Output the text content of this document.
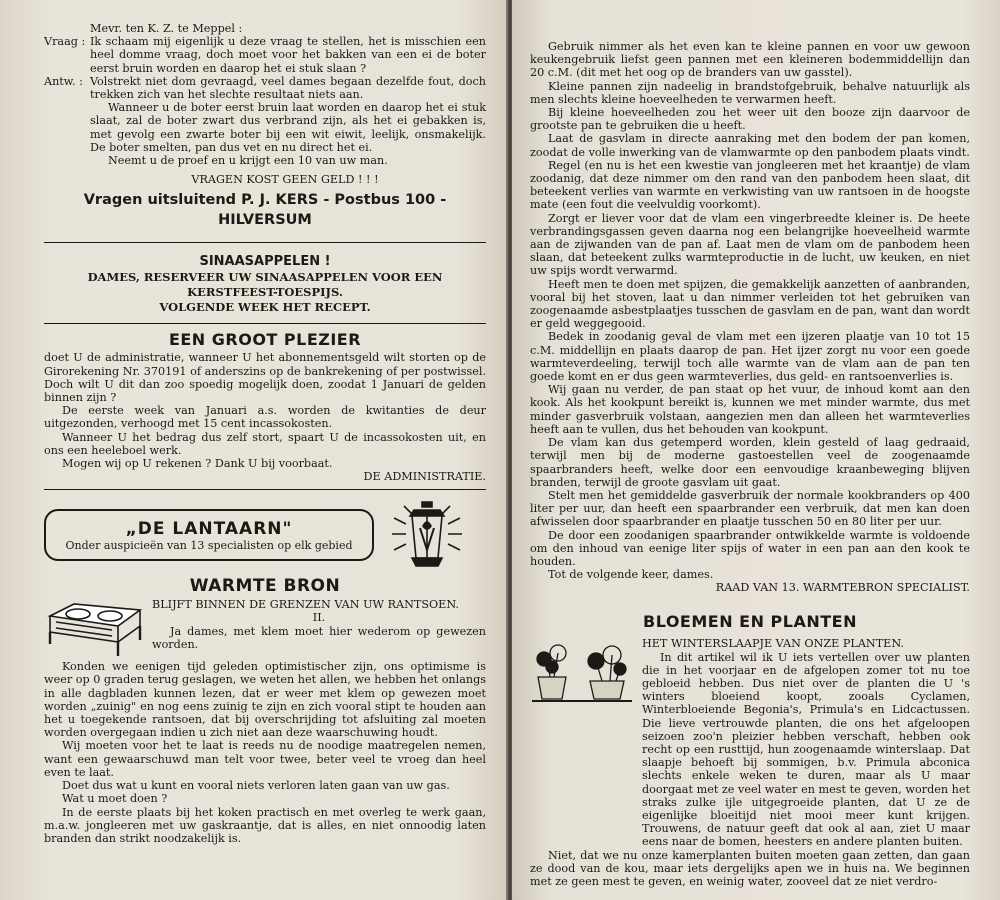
Mevr. ten K. Z. te Meppel :

Vraag : Ik schaam mij eigenlijk u deze vraag te stellen, het is misschien een heel domme vraag, doch moet voor het bakken van een ei de boter eerst bruin worden en daarop het ei stuk slaan ?
Antw. : Volstrekt niet dom gevraagd, veel dames begaan dezelfde fout, doch trekken zich van het slechte resultaat niets aan.

Wanneer u de boter eerst bruin laat worden en daarop het ei stuk slaat, zal de boter zwart dus verbrand zijn, als het ei gebakken is, met gevolg een zwarte boter bij een wit eiwit, leelijk, onsmakelijk. De boter smelten, pan dus vet en nu direct het ei.

Neemt u de proef en u krijgt een 10 van uw man.

VRAGEN KOST GEEN GELD ! ! !

Vragen uitsluitend P. J. KERS - Postbus 100 - HILVERSUM

SINAASAPPELEN !
DAMES, RESERVEER UW SINAASAPPELEN VOOR EEN
KERSTFEEST-TOESPIJS.
VOLGENDE WEEK HET RECEPT.
EEN GROOT PLEZIER

doet U de administratie, wanneer U het abonnementsgeld wilt storten op de Girorekening Nr. 370191 of anderszins op de bankrekening of per postwissel. Doch wilt U dit dan zoo spoedig mogelijk doen, zoodat 1 Januari de gelden binnen zijn ?

De eerste week van Januari a.s. worden de kwitanties de deur uitgezonden, verhoogd met 15 cent incassokosten.

Wanneer U het bedrag dus zelf stort, spaart U de incassokosten uit, en ons een heeleboel werk.

Mogen wij op U rekenen ? Dank U bij voorbaat.

DE ADMINISTRATIE.
„DE LANTAARN"
Onder auspicieën van 13 specialisten op elk gebied
WARMTE BRON

BLIJFT BINNEN DE GRENZEN VAN UW RANTSOEN.

II.

Ja dames, met klem moet hier wederom op gewezen worden.

Konden we eenigen tijd geleden optimistischer zijn, ons optimisme is weer op 0 graden terug geslagen, we weten het allen, we hebben het onlangs in alle dagbladen kunnen lezen, dat er weer met klem op gewezen moet worden „zuinig" en nog eens zuinig te zijn en zich vooral stipt te houden aan het u toegekende rantsoen, dat bij overschrijding tot afsluiting zal moeten worden overgegaan indien u zich niet aan deze waarschuwing houdt.

Wij moeten voor het te laat is reeds nu de noodige maatregelen nemen, want een gewaarschuwd man telt voor twee, beter veel te vroeg dan heel even te laat.

Doet dus wat u kunt en vooral niets verloren laten gaan van uw gas.

Wat u moet doen ?

In de eerste plaats bij het koken practisch en met overleg te werk gaan, m.a.w. jongleeren met uw gaskraantje, dat is alles, en niet onnoodig laten branden dan strikt noodzakelijk is.

Gebruik nimmer als het even kan te kleine pannen en voor uw gewoon keukengebruik liefst geen pannen met een kleineren bodemmiddellijn dan 20 c.M. (dit met het oog op de branders van uw gasstel).

Kleine pannen zijn nadeelig in brandstofgebruik, behalve natuurlijk als men slechts kleine hoeveelheden te verwarmen heeft.

Bij kleine hoeveelheden zou het weer uit den booze zijn daarvoor de grootste pan te gebruiken die u heeft.

Laat de gasvlam in directe aanraking met den bodem der pan komen, zoodat de volle inwerking van de vlamwarmte op den panbodem plaats vindt.

Regel (en nu is het een kwestie van jongleeren met het kraantje) de vlam zoodanig, dat deze nimmer om den rand van den panbodem heen slaat, dit beteekent verlies van warmte en verkwisting van uw rantsoen in de hoogste mate (een fout die veelvuldig voorkomt).

Zorgt er liever voor dat de vlam een vingerbreedte kleiner is. De heete verbrandingsgassen geven daarna nog een belangrijke hoeveelheid warmte aan de zijwanden van de pan af. Laat men de vlam om de panbodem heen slaan, dat beteekent zulks warmteproductie in de lucht, uw keuken, en niet uw spijs wordt verwarmd.

Heeft men te doen met spijzen, die gemakkelijk aanzetten of aanbranden, vooral bij het stoven, laat u dan nimmer verleiden tot het gebruiken van zoogenaamde asbestplaatjes tusschen de gasvlam en de pan, want dan wordt er geld weggegooid.

Bedek in zoodanig geval de vlam met een ijzeren plaatje van 10 tot 15 c.M. middellijn en plaats daarop de pan. Het ijzer zorgt nu voor een goede warmteverdeeling, terwijl toch alle warmte van de vlam aan de pan ten goede komt en er dus geen warmteverlies, dus geld- en rantsoenverlies is.

Wij gaan nu verder, de pan staat op het vuur, de inhoud komt aan den kook. Als het kookpunt bereikt is, kunnen we met minder warmte, dus met minder gasverbruik volstaan, aangezien men dan alleen het warmteverlies heeft aan te vullen, dus het behouden van kookpunt.

De vlam kan dus getemperd worden, klein gesteld of laag gedraaid, terwijl men bij de moderne gastoestellen veel de zoogenaamde spaarbranders heeft, welke door een eenvoudige kraanbeweging blijven branden, terwijl de groote gasvlam uit gaat.

Stelt men het gemiddelde gasverbruik der normale kookbranders op 400 liter per uur, dan heeft een spaarbrander een verbruik, dat men kan doen afwisselen door spaarbrander en plaatje tusschen 50 en 80 liter per uur.

De door een zoodanigen spaarbrander ontwikkelde warmte is voldoende om den inhoud van eenige liter spijs of water in een pan aan den kook te houden.

Tot de volgende keer, dames.

RAAD VAN 13. WARMTEBRON SPECIALIST.
BLOEMEN EN PLANTEN

HET WINTERSLAAPJE VAN ONZE PLANTEN.

In dit artikel wil ik U iets vertellen over uw planten die in het voorjaar en de afgelopen zomer tot nu toe gebloeid hebben. Dus niet over de planten die U 's winters bloeiend koopt, zooals Cyclamen, Winterbloeiende Begonia's, Primula's en Lidcactussen. Die lieve vertrouwde planten, die ons het afgeloopen seizoen zoo'n pleizier hebben verschaft, hebben ook recht op een rusttijd, hun zoogenaamde winterslaap. Dat slaapje behoeft bij sommigen, b.v. Primula abconica slechts enkele weken te duren, maar als U maar doorgaat met ze veel water en mest te geven, worden het straks zulke ijle uitgegroeide planten, dat U ze de eigenlijke bloeitijd niet mooi meer kunt krijgen. Trouwens, de natuur geeft dat ook al aan, ziet U maar eens naar de bomen, heesters en andere planten buiten.

Niet, dat we nu onze kamerplanten buiten moeten gaan zetten, dan gaan ze dood van de kou, maar iets dergelijks apen we in huis na. We beginnen met ze geen mest te geven, en weinig water, zooveel dat ze niet verdro-
